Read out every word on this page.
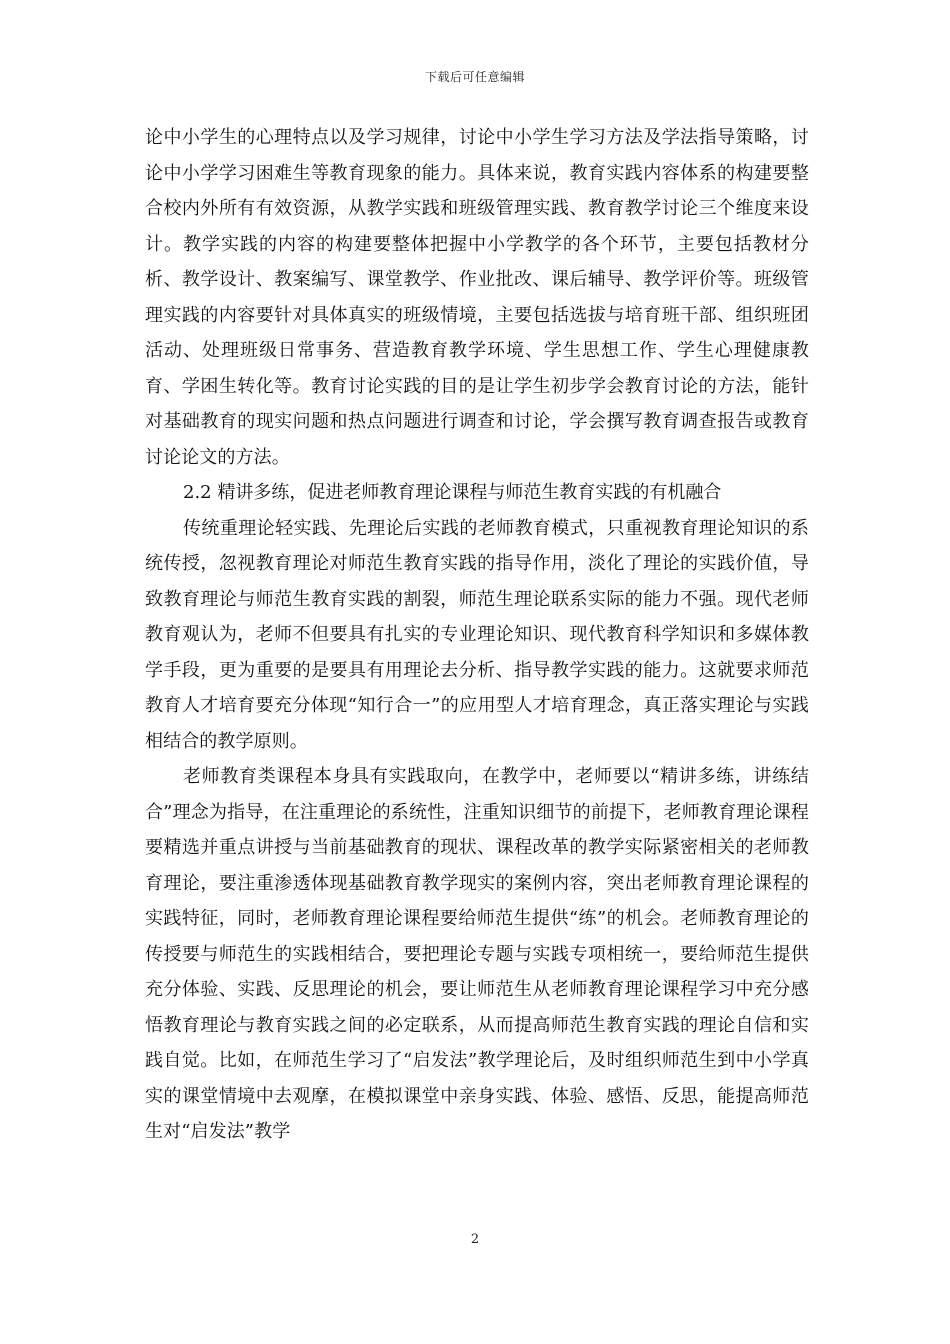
下载后可任意编辑

论中小学生的心理特点以及学习规律，讨论中小学生学习方法及学法指导策略，讨论中小学学习困难生等教育现象的能力。具体来说，教育实践内容体系的构建要整合校内外所有有效资源，从教学实践和班级管理实践、教育教学讨论三个维度来设计。教学实践的内容的构建要整体把握中小学教学的各个环节，主要包括教材分析、教学设计、教案编写、课堂教学、作业批改、课后辅导、教学评价等。班级管理实践的内容要针对具体真实的班级情境，主要包括选拔与培育班干部、组织班团活动、处理班级日常事务、营造教育教学环境、学生思想工作、学生心理健康教育、学困生转化等。教育讨论实践的目的是让学生初步学会教育讨论的方法，能针对基础教育的现实问题和热点问题进行调查和讨论，学会撰写教育调查报告或教育讨论论文的方法。

2.2 精讲多练，促进老师教育理论课程与师范生教育实践的有机融合

传统重理论轻实践、先理论后实践的老师教育模式，只重视教育理论知识的系统传授，忽视教育理论对师范生教育实践的指导作用，淡化了理论的实践价值，导致教育理论与师范生教育实践的割裂，师范生理论联系实际的能力不强。现代老师教育观认为，老师不但要具有扎实的专业理论知识、现代教育科学知识和多媒体教学手段，更为重要的是要具有用理论去分析、指导教学实践的能力。这就要求师范教育人才培育要充分体现“知行合一”的应用型人才培育理念，真正落实理论与实践相结合的教学原则。

老师教育类课程本身具有实践取向，在教学中，老师要以“精讲多练，讲练结合”理念为指导，在注重理论的系统性，注重知识细节的前提下，老师教育理论课程要精选并重点讲授与当前基础教育的现状、课程改革的教学实际紧密相关的老师教育理论，要注重渗透体现基础教育教学现实的案例内容，突出老师教育理论课程的实践特征，同时，老师教育理论课程要给师范生提供“练”的机会。老师教育理论的传授要与师范生的实践相结合，要把理论专题与实践专项相统一，要给师范生提供充分体验、实践、反思理论的机会，要让师范生从老师教育理论课程学习中充分感悟教育理论与教育实践之间的必定联系，从而提高师范生教育实践的理论自信和实践自觉。比如，在师范生学习了“启发法”教学理论后，及时组织师范生到中小学真实的课堂情境中去观摩，在模拟课堂中亲身实践、体验、感悟、反思，能提高师范生对“启发法”教学

2
